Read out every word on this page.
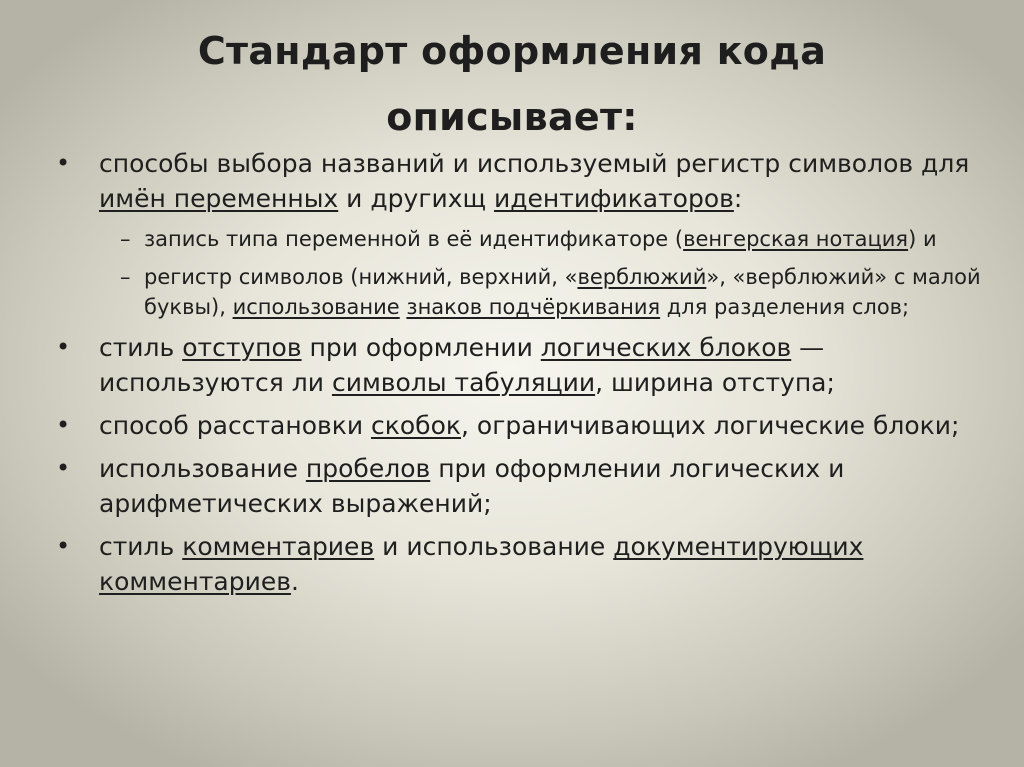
Стандарт оформления кода
описывает:
• способы выбора названий и используемый регистр символов для имён переменных и другихщ идентификаторов:
– запись типа переменной в её идентификаторе (венгерская нотация) и
– регистр символов (нижний, верхний, «верблюжий», «верблюжий» с малой буквы), использование знаков подчёркивания для разделения слов;
• стиль отступов при оформлении логических блоков — используются ли символы табуляции, ширина отступа;
• способ расстановки скобок, ограничивающих логические блоки;
• использование пробелов при оформлении логических и арифметических выражений;
• стиль комментариев и использование документирующих комментариев.
